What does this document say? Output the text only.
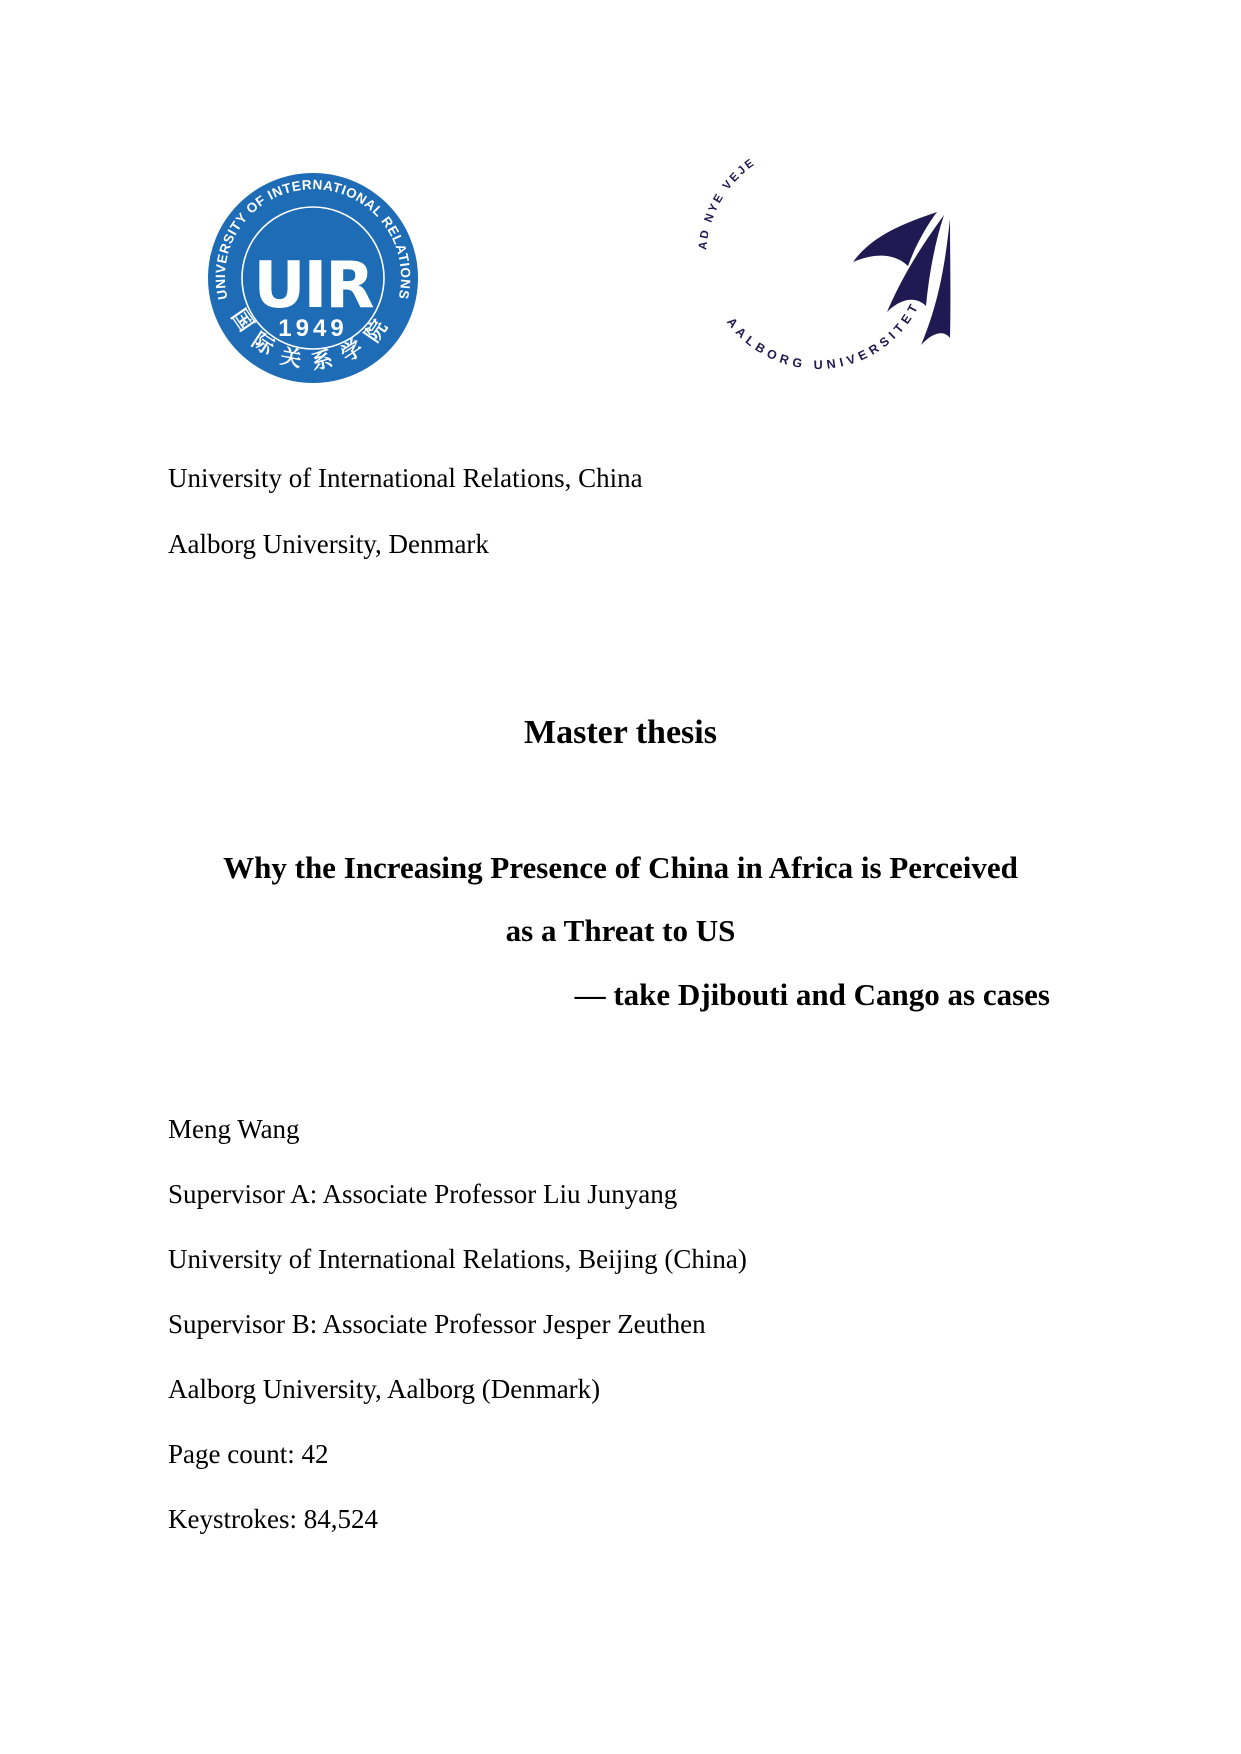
UNIVERSITY OF INTERNATIONAL RELATIONS
UIR
1949
国际关系学院
AD NYE VEJE
AALBORG UNIVERSITET
University of International Relations, China
Aalborg University, Denmark
Master thesis
Why the Increasing Presence of China in Africa is Perceived
as a Threat to US
— take Djibouti and Cango as cases
Meng Wang
Supervisor A: Associate Professor Liu Junyang
University of International Relations, Beijing (China)
Supervisor B: Associate Professor Jesper Zeuthen
Aalborg University, Aalborg (Denmark)
Page count: 42
Keystrokes: 84,524
